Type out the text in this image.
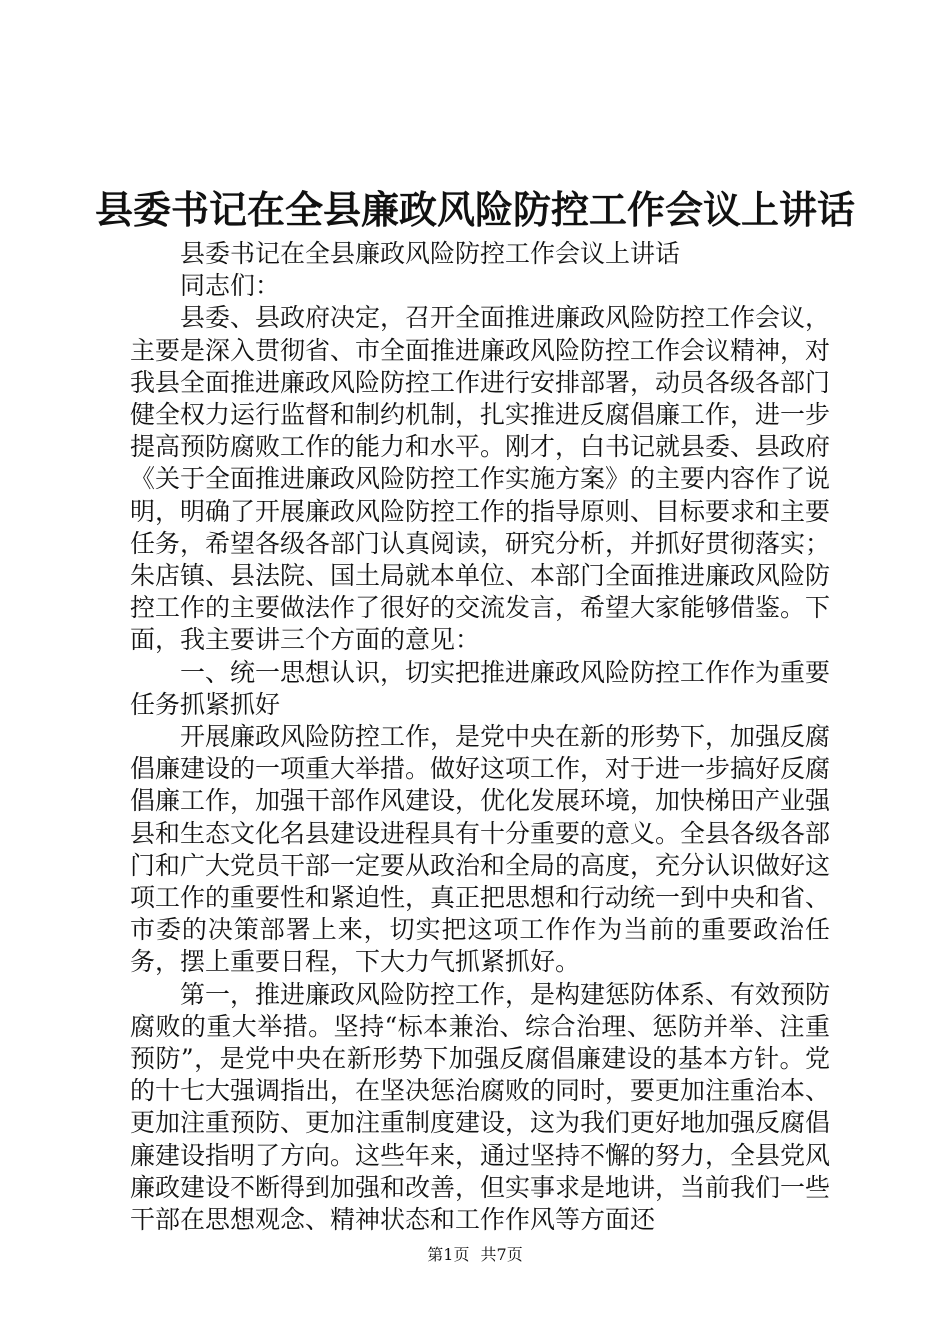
县委书记在全县廉政风险防控工作会议上讲话

县委书记在全县廉政风险防控工作会议上讲话

同志们：

县委、县政府决定，召开全面推进廉政风险防控工作会议，主要是深入贯彻省、市全面推进廉政风险防控工作会议精神，对我县全面推进廉政风险防控工作进行安排部署，动员各级各部门健全权力运行监督和制约机制，扎实推进反腐倡廉工作，进一步提高预防腐败工作的能力和水平。刚才，白书记就县委、县政府《关于全面推进廉政风险防控工作实施方案》的主要内容作了说明，明确了开展廉政风险防控工作的指导原则、目标要求和主要任务，希望各级各部门认真阅读，研究分析，并抓好贯彻落实；朱店镇、县法院、国土局就本单位、本部门全面推进廉政风险防控工作的主要做法作了很好的交流发言，希望大家能够借鉴。下面，我主要讲三个方面的意见：

一、统一思想认识，切实把推进廉政风险防控工作作为重要任务抓紧抓好

开展廉政风险防控工作，是党中央在新的形势下，加强反腐倡廉建设的一项重大举措。做好这项工作，对于进一步搞好反腐倡廉工作，加强干部作风建设，优化发展环境，加快梯田产业强县和生态文化名县建设进程具有十分重要的意义。全县各级各部门和广大党员干部一定要从政治和全局的高度，充分认识做好这项工作的重要性和紧迫性，真正把思想和行动统一到中央和省、市委的决策部署上来，切实把这项工作作为当前的重要政治任务，摆上重要日程，下大力气抓紧抓好。

第一，推进廉政风险防控工作，是构建惩防体系、有效预防腐败的重大举措。坚持“标本兼治、综合治理、惩防并举、注重预防”，是党中央在新形势下加强反腐倡廉建设的基本方针。党的十七大强调指出，在坚决惩治腐败的同时，要更加注重治本、更加注重预防、更加注重制度建设，这为我们更好地加强反腐倡廉建设指明了方向。这些年来，通过坚持不懈的努力，全县党风廉政建设不断得到加强和改善，但实事求是地讲，当前我们一些干部在思想观念、精神状态和工作作风等方面还

第1页 共7页
